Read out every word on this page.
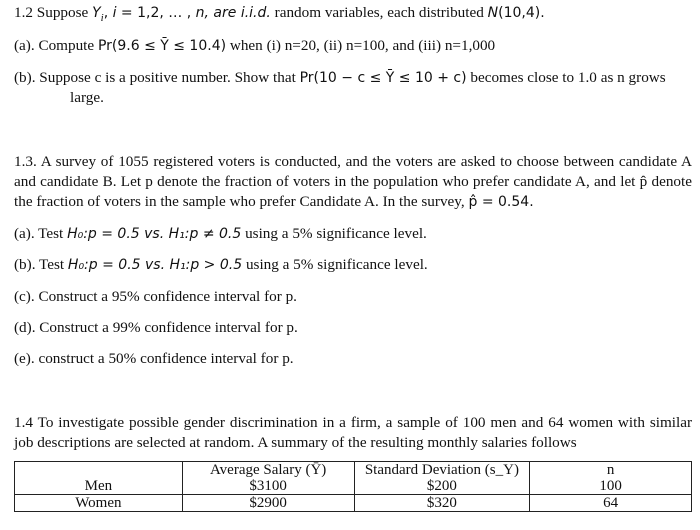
1.2 Suppose $Y_i$, i = 1,2, … , n, are i.i.d. random variables, each distributed N(10,4).
(a). Compute Pr(9.6 ≤ Ȳ ≤ 10.4) when (i) n=20, (ii) n=100, and (iii) n=1,000
(b). Suppose c is a positive number. Show that Pr(10 − c ≤ Ȳ ≤ 10 + c) becomes close to 1.0 as n grows
large.
1.3. A survey of 1055 registered voters is conducted, and the voters are asked to choose between candidate A and candidate B. Let p denote the fraction of voters in the population who prefer candidate A, and let p̂ denote the fraction of voters in the sample who prefer Candidate A. In the survey, p̂ = 0.54.
(a). Test H₀:p = 0.5 vs. H₁:p ≠ 0.5 using a 5% significance level.
(b). Test H₀:p = 0.5 vs. H₁:p > 0.5 using a 5% significance level.
(c). Construct a 95% confidence interval for p.
(d). Construct a 99% confidence interval for p.
(e). construct a 50% confidence interval for p.
1.4 To investigate possible gender discrimination in a firm, a sample of 100 men and 64 women with similar job descriptions are selected at random. A summary of the resulting monthly salaries follows
	Average Salary (Ȳ)	Standard Deviation (s_Y)	n
Men	$3100	$200	100
Women	$2900	$320	64
